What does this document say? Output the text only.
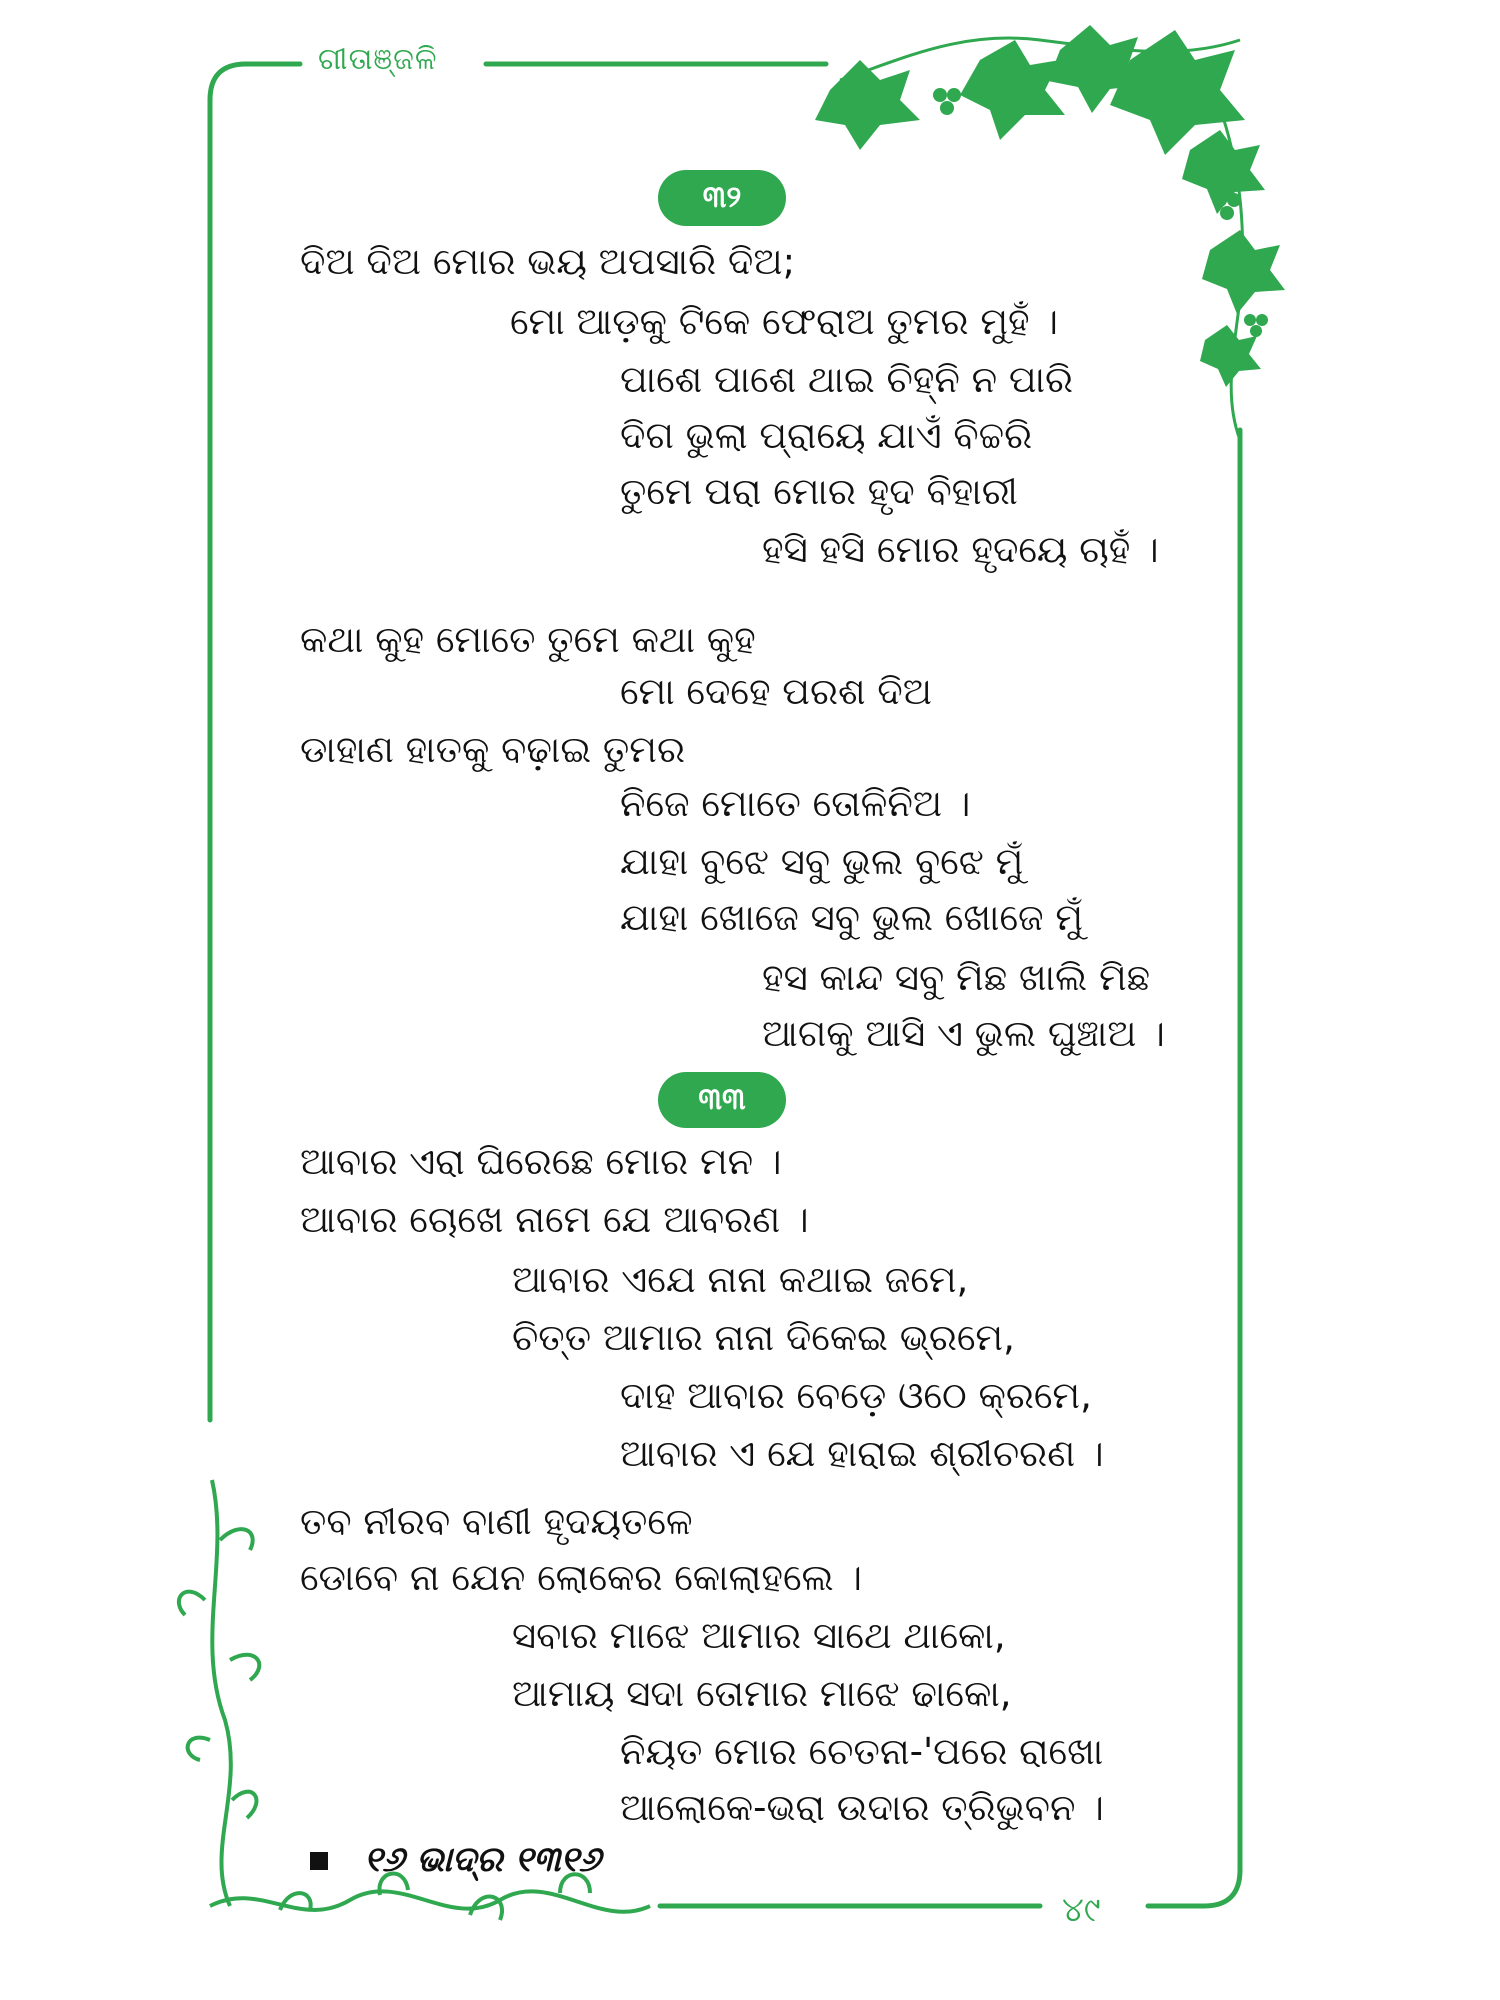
ଗୀତାଞ୍ଜଳି
୪୯
୩୨
ଦିଅ ଦିଅ ମୋର ଭୟ ଅପସାରି ଦିଅ;
ମୋ ଆଡ଼କୁ ଟିକେ ଫେରାଅ ତୁମର ମୁହଁ ।
ପାଶେ ପାଶେ ଥାଇ ଚିହ୍ନି ନ ପାରି
ଦିଗ ଭୁଲା ପ୍ରାୟେ ଯାଏଁ ବିଚ୍ଚରି
ତୁମେ ପରା ମୋର ହୃଦ ବିହାରୀ
ହସି ହସି ମୋର ହୃଦୟେ ଚାହଁ ।
କଥା କୁହ ମୋତେ ତୁମେ କଥା କୁହ
ମୋ ଦେହେ ପରଶ ଦିଅ
ଡାହାଣ ହାତକୁ ବଢ଼ାଇ ତୁମର
ନିଜେ ମୋତେ ତୋଳିନିଅ ।
ଯାହା ବୁଝେ ସବୁ ଭୁଲ ବୁଝେ ମୁଁ
ଯାହା ଖୋଜେ ସବୁ ଭୁଲ ଖୋଜେ ମୁଁ
ହସ କାନ୍ଦ ସବୁ ମିଛ ଖାଲି ମିଛ
ଆଗକୁ ଆସି ଏ ଭୁଲ ଘୁଞ୍ଚାଅ ।
୩୩
ଆବାର ଏରା ଘିରେଛେ ମୋର ମନ ।
ଆବାର ଚୋଖେ ନାମେ ଯେ ଆବରଣ ।
ଆବାର ଏଯେ ନାନା କଥାଇ ଜମେ,
ଚିତ୍ତ ଆମାର ନାନା ଦିକେଇ ଭ୍ରମେ,
ଦାହ ଆବାର ବେଡ଼େ ଓଠେ କ୍ରମେ,
ଆବାର ଏ ଯେ ହାରାଇ ଶ୍ରୀଚରଣ ।
ତବ ନୀରବ ବାଣୀ ହୃଦୟତଳେ
ଡୋବେ ନା ଯେନ ଲୋକେର କୋଲାହଲେ ।
ସବାର ମାଝେ ଆମାର ସାଥେ ଥାକୋ,
ଆମାୟ ସଦା ତୋମାର ମାଝେ ଢାକୋ,
ନିୟତ ମୋର ଚେତନା-'ପରେ ରାଖୋ
ଆଲୋକେ-ଭରା ଉଦାର ତ୍ରିଭୁବନ ।
୧୬ ଭାଦ୍ର ୧୩୧୬
